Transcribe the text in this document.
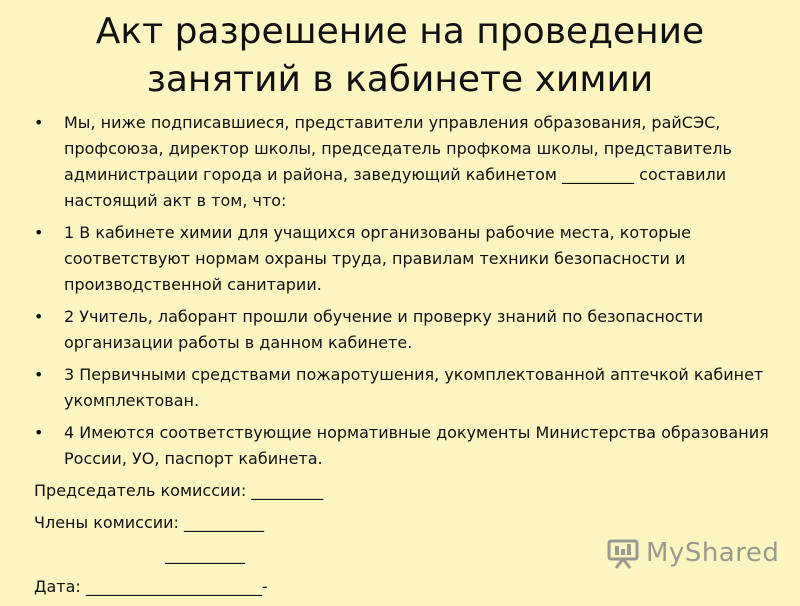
Акт разрешение на проведение занятий в кабинете химии
• Мы, ниже подписавшиеся, представители управления образования, райСЭС, профсоюза, директор школы, председатель профкома школы, представитель администрации города и района, заведующий кабинетом _________ составили настоящий акт в том, что:
• 1 В кабинете химии для учащихся организованы рабочие места, которые соответствуют нормам охраны труда, правилам техники безопасности и производственной санитарии.
• 2 Учитель, лаборант прошли обучение и проверку знаний по безопасности организации работы в данном кабинете.
• 3 Первичными средствами пожаротушения, укомплектованной аптечкой кабинет укомплектован.
• 4 Имеются соответствующие нормативные документы Министерства образования России, УО, паспорт кабинета.
Председатель комиссии: _________
Члены комиссии: __________
__________
Дата: ______________________-
MyShared
